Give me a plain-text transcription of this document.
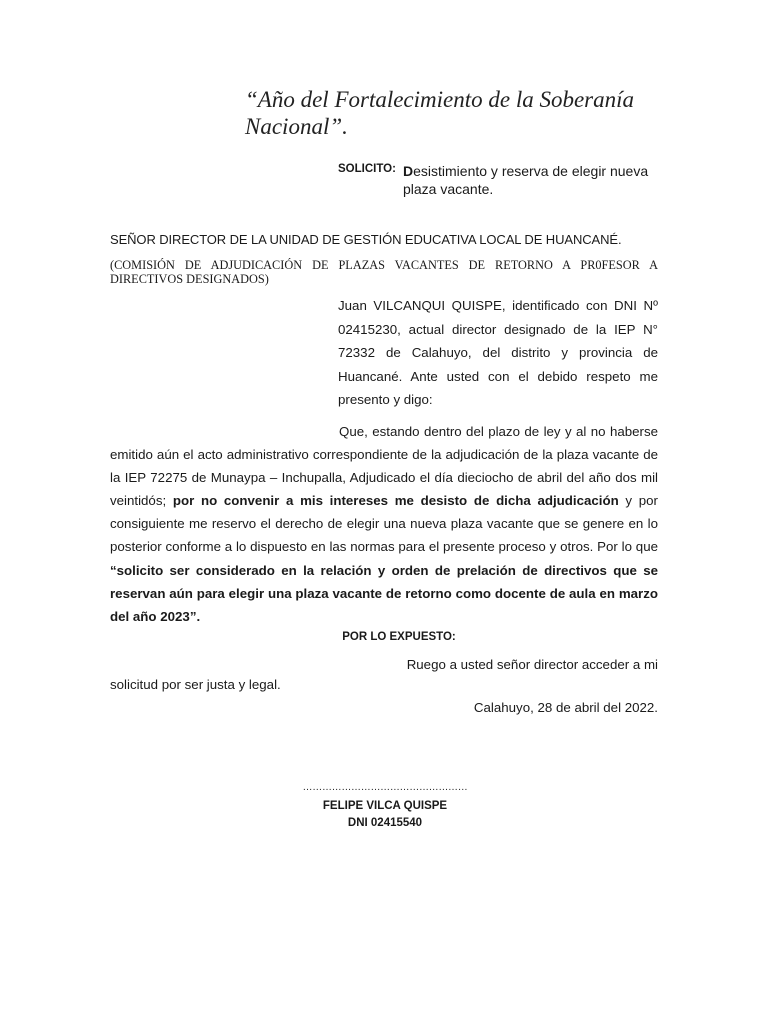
“Año del Fortalecimiento de la Soberanía Nacional”.
SOLICITO: Desistimiento y reserva de elegir nueva plaza vacante.
SEÑOR DIRECTOR DE LA UNIDAD DE GESTIÓN EDUCATIVA LOCAL DE HUANCANÉ.
(COMISIÓN DE ADJUDICACIÓN DE PLAZAS VACANTES DE RETORNO A PR0FESOR A DIRECTIVOS DESIGNADOS)
Juan VILCANQUI QUISPE, identificado con DNI Nº 02415230, actual director designado de la IEP N° 72332 de Calahuyo, del distrito y provincia de Huancané. Ante usted con el debido respeto me presento y digo:
Que, estando dentro del plazo de ley y al no haberse emitido aún el acto administrativo correspondiente de la adjudicación de la plaza vacante de la IEP 72275 de Munaypa – Inchupalla, Adjudicado el día dieciocho de abril del año dos mil veintidós; por no convenir a mis intereses me desisto de dicha adjudicación y por consiguiente me reservo el derecho de elegir una nueva plaza vacante que se genere en lo posterior conforme a lo dispuesto en las normas para el presente proceso y otros. Por lo que “solicito ser considerado en la relación y orden de prelación de directivos que se reservan aún para elegir una plaza vacante de retorno como docente de aula en marzo del año 2023”.
POR LO EXPUESTO:
Ruego a usted señor director acceder a mi
solicitud por ser justa y legal.
Calahuyo, 28 de abril del 2022.
……………………………………………
FELIPE VILCA QUISPE
DNI 02415540
